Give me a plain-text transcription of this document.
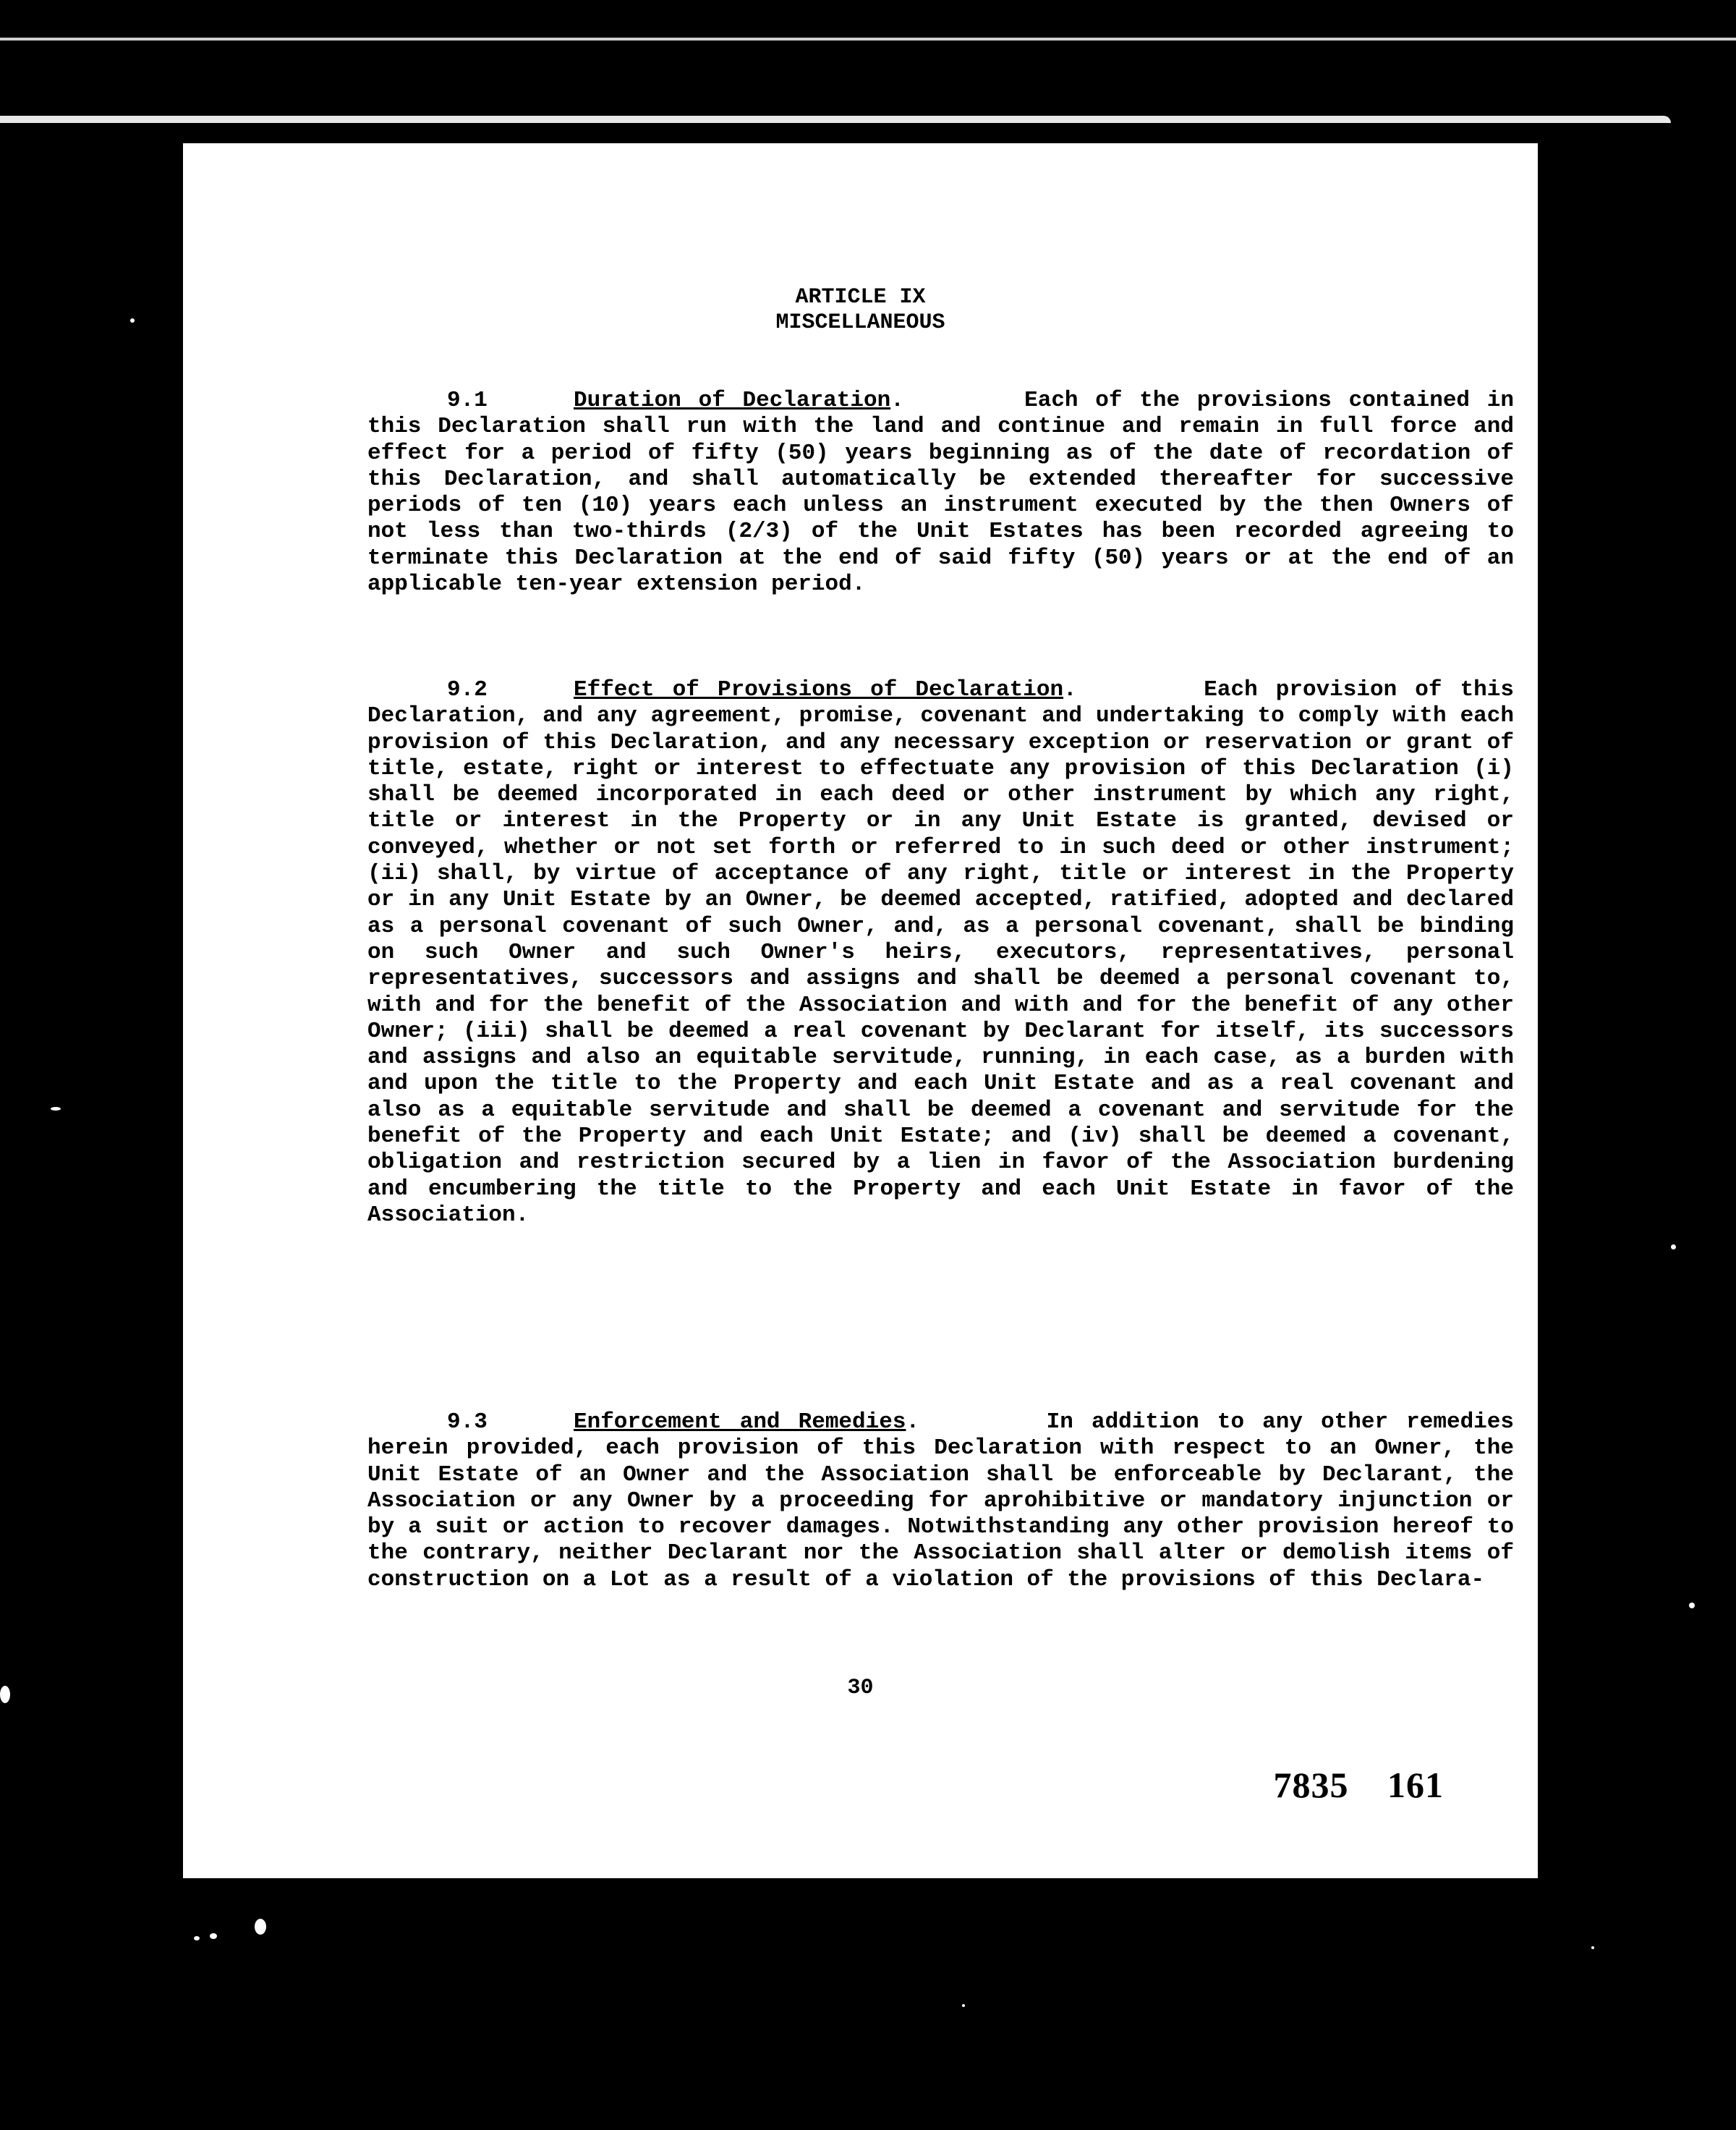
ARTICLE IX
MISCELLANEOUS

9.1	Duration of Declaration.       Each of the provisions contained in this Declaration shall run with the land and continue and remain in full force and effect for a period of fifty (50) years beginning as of the date of recordation of this Declaration, and shall automatically be extended thereafter for successive periods of ten (10) years each unless an instrument executed by the then Owners of not less than two-thirds (2/3) of the Unit Estates has been recorded agreeing to terminate this Declaration at the end of said fifty (50) years or at the end of an applicable ten-year extension period.

9.2	Effect of Provisions of Declaration.       Each provision of this Declaration, and any agreement, promise, covenant and undertaking to comply with each provision of this Declaration, and any necessary exception or reservation or grant of title, estate, right or interest to effectuate any provision of this Declaration (i) shall be deemed incorporated in each deed or other instrument by which any right, title or interest in the Property or in any Unit Estate is granted, devised or conveyed, whether or not set forth or referred to in such deed or other instrument; (ii) shall, by virtue of acceptance of any right, title or interest in the Property or in any Unit Estate by an Owner, be deemed accepted, ratified, adopted and declared as a personal covenant of such Owner, and, as a personal covenant, shall be binding on such Owner and such Owner's heirs, executors, representatives, personal representatives, successors and assigns and shall be deemed a personal covenant to, with and for the benefit of the Association and with and for the benefit of any other Owner; (iii) shall be deemed a real covenant by Declarant for itself, its successors and assigns and also an equitable servitude, running, in each case, as a burden with and upon the title to the Property and each Unit Estate and as a real covenant and also as a equitable servitude and shall be deemed a covenant and servitude for the benefit of the Property and each Unit Estate; and (iv) shall be deemed a covenant, obligation and restriction secured by a lien in favor of the Association burdening and encumbering the title to the Property and each Unit Estate in favor of the Association.

9.3	Enforcement and Remedies.       In addition to any other remedies herein provided, each provision of this Declaration with respect to an Owner, the Unit Estate of an Owner and the Association shall be enforceable by Declarant, the Association or any Owner by a proceeding for aprohibitive or mandatory injunction or by a suit or action to recover damages. Notwithstanding any other provision hereof to the contrary, neither Declarant nor the Association shall alter or demolish items of construction on a Lot as a result of a violation of the provisions of this Declara-

30
7835 161
